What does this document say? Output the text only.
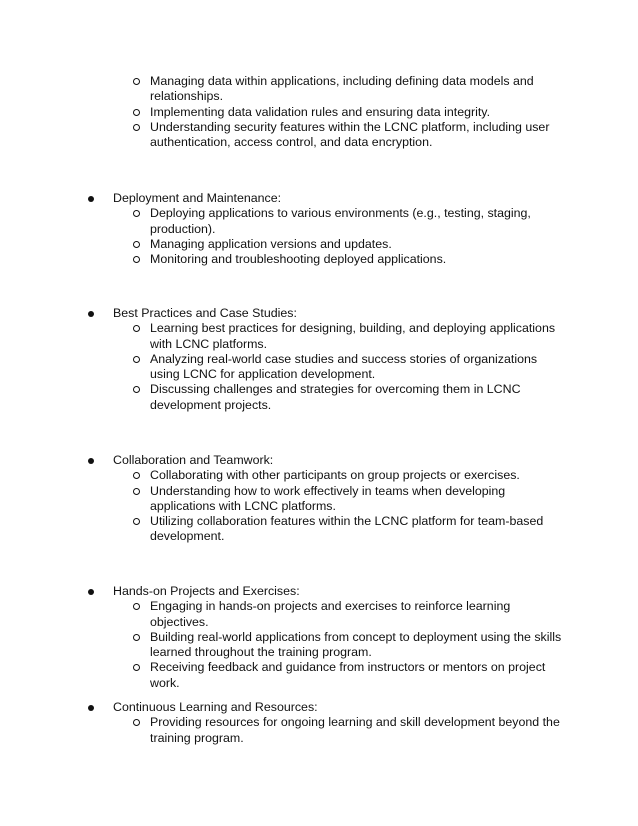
Managing data within applications, including defining data models and relationships.
Implementing data validation rules and ensuring data integrity.
Understanding security features within the LCNC platform, including user authentication, access control, and data encryption.
Deployment and Maintenance:
Deploying applications to various environments (e.g., testing, staging, production).
Managing application versions and updates.
Monitoring and troubleshooting deployed applications.
Best Practices and Case Studies:
Learning best practices for designing, building, and deploying applications with LCNC platforms.
Analyzing real-world case studies and success stories of organizations using LCNC for application development.
Discussing challenges and strategies for overcoming them in LCNC development projects.
Collaboration and Teamwork:
Collaborating with other participants on group projects or exercises.
Understanding how to work effectively in teams when developing applications with LCNC platforms.
Utilizing collaboration features within the LCNC platform for team-based development.
Hands-on Projects and Exercises:
Engaging in hands-on projects and exercises to reinforce learning objectives.
Building real-world applications from concept to deployment using the skills learned throughout the training program.
Receiving feedback and guidance from instructors or mentors on project work.
Continuous Learning and Resources:
Providing resources for ongoing learning and skill development beyond the training program.
